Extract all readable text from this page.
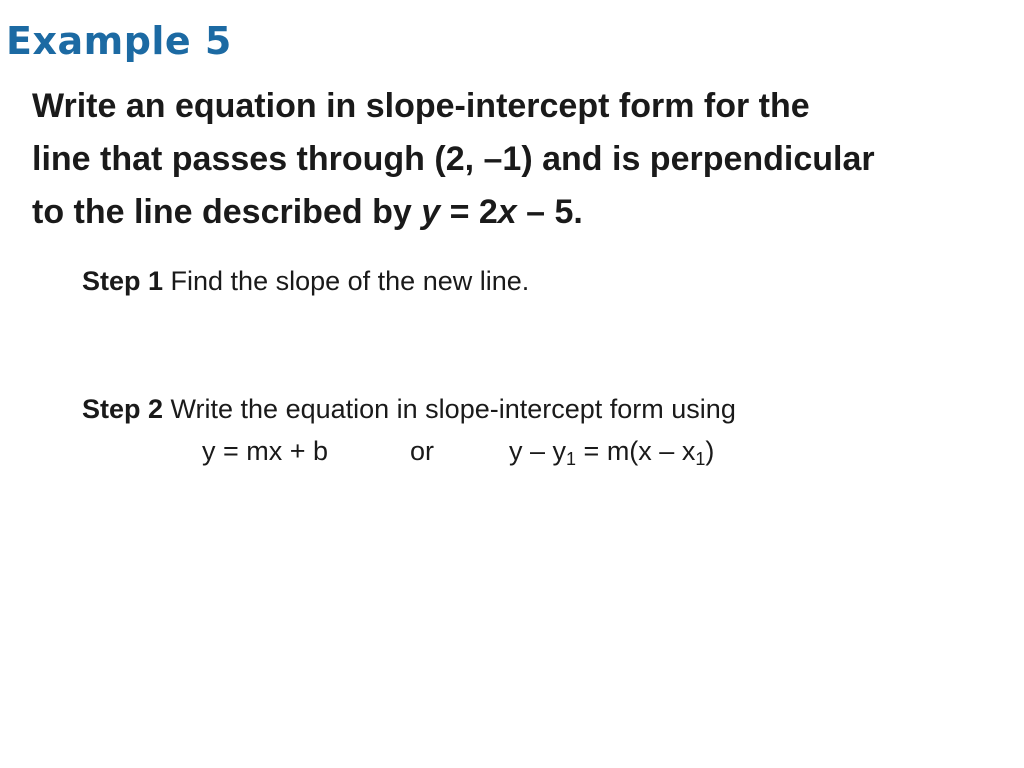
Example 5
Write an equation in slope-intercept form for the
line that passes through (2, –1) and is perpendicular
to the line described by y = 2x – 5.
Step 1 Find the slope of the new line.
Step 2 Write the equation in slope-intercept form using
y = mx + b	or	$y - y_1 = m(x - x_1)$
